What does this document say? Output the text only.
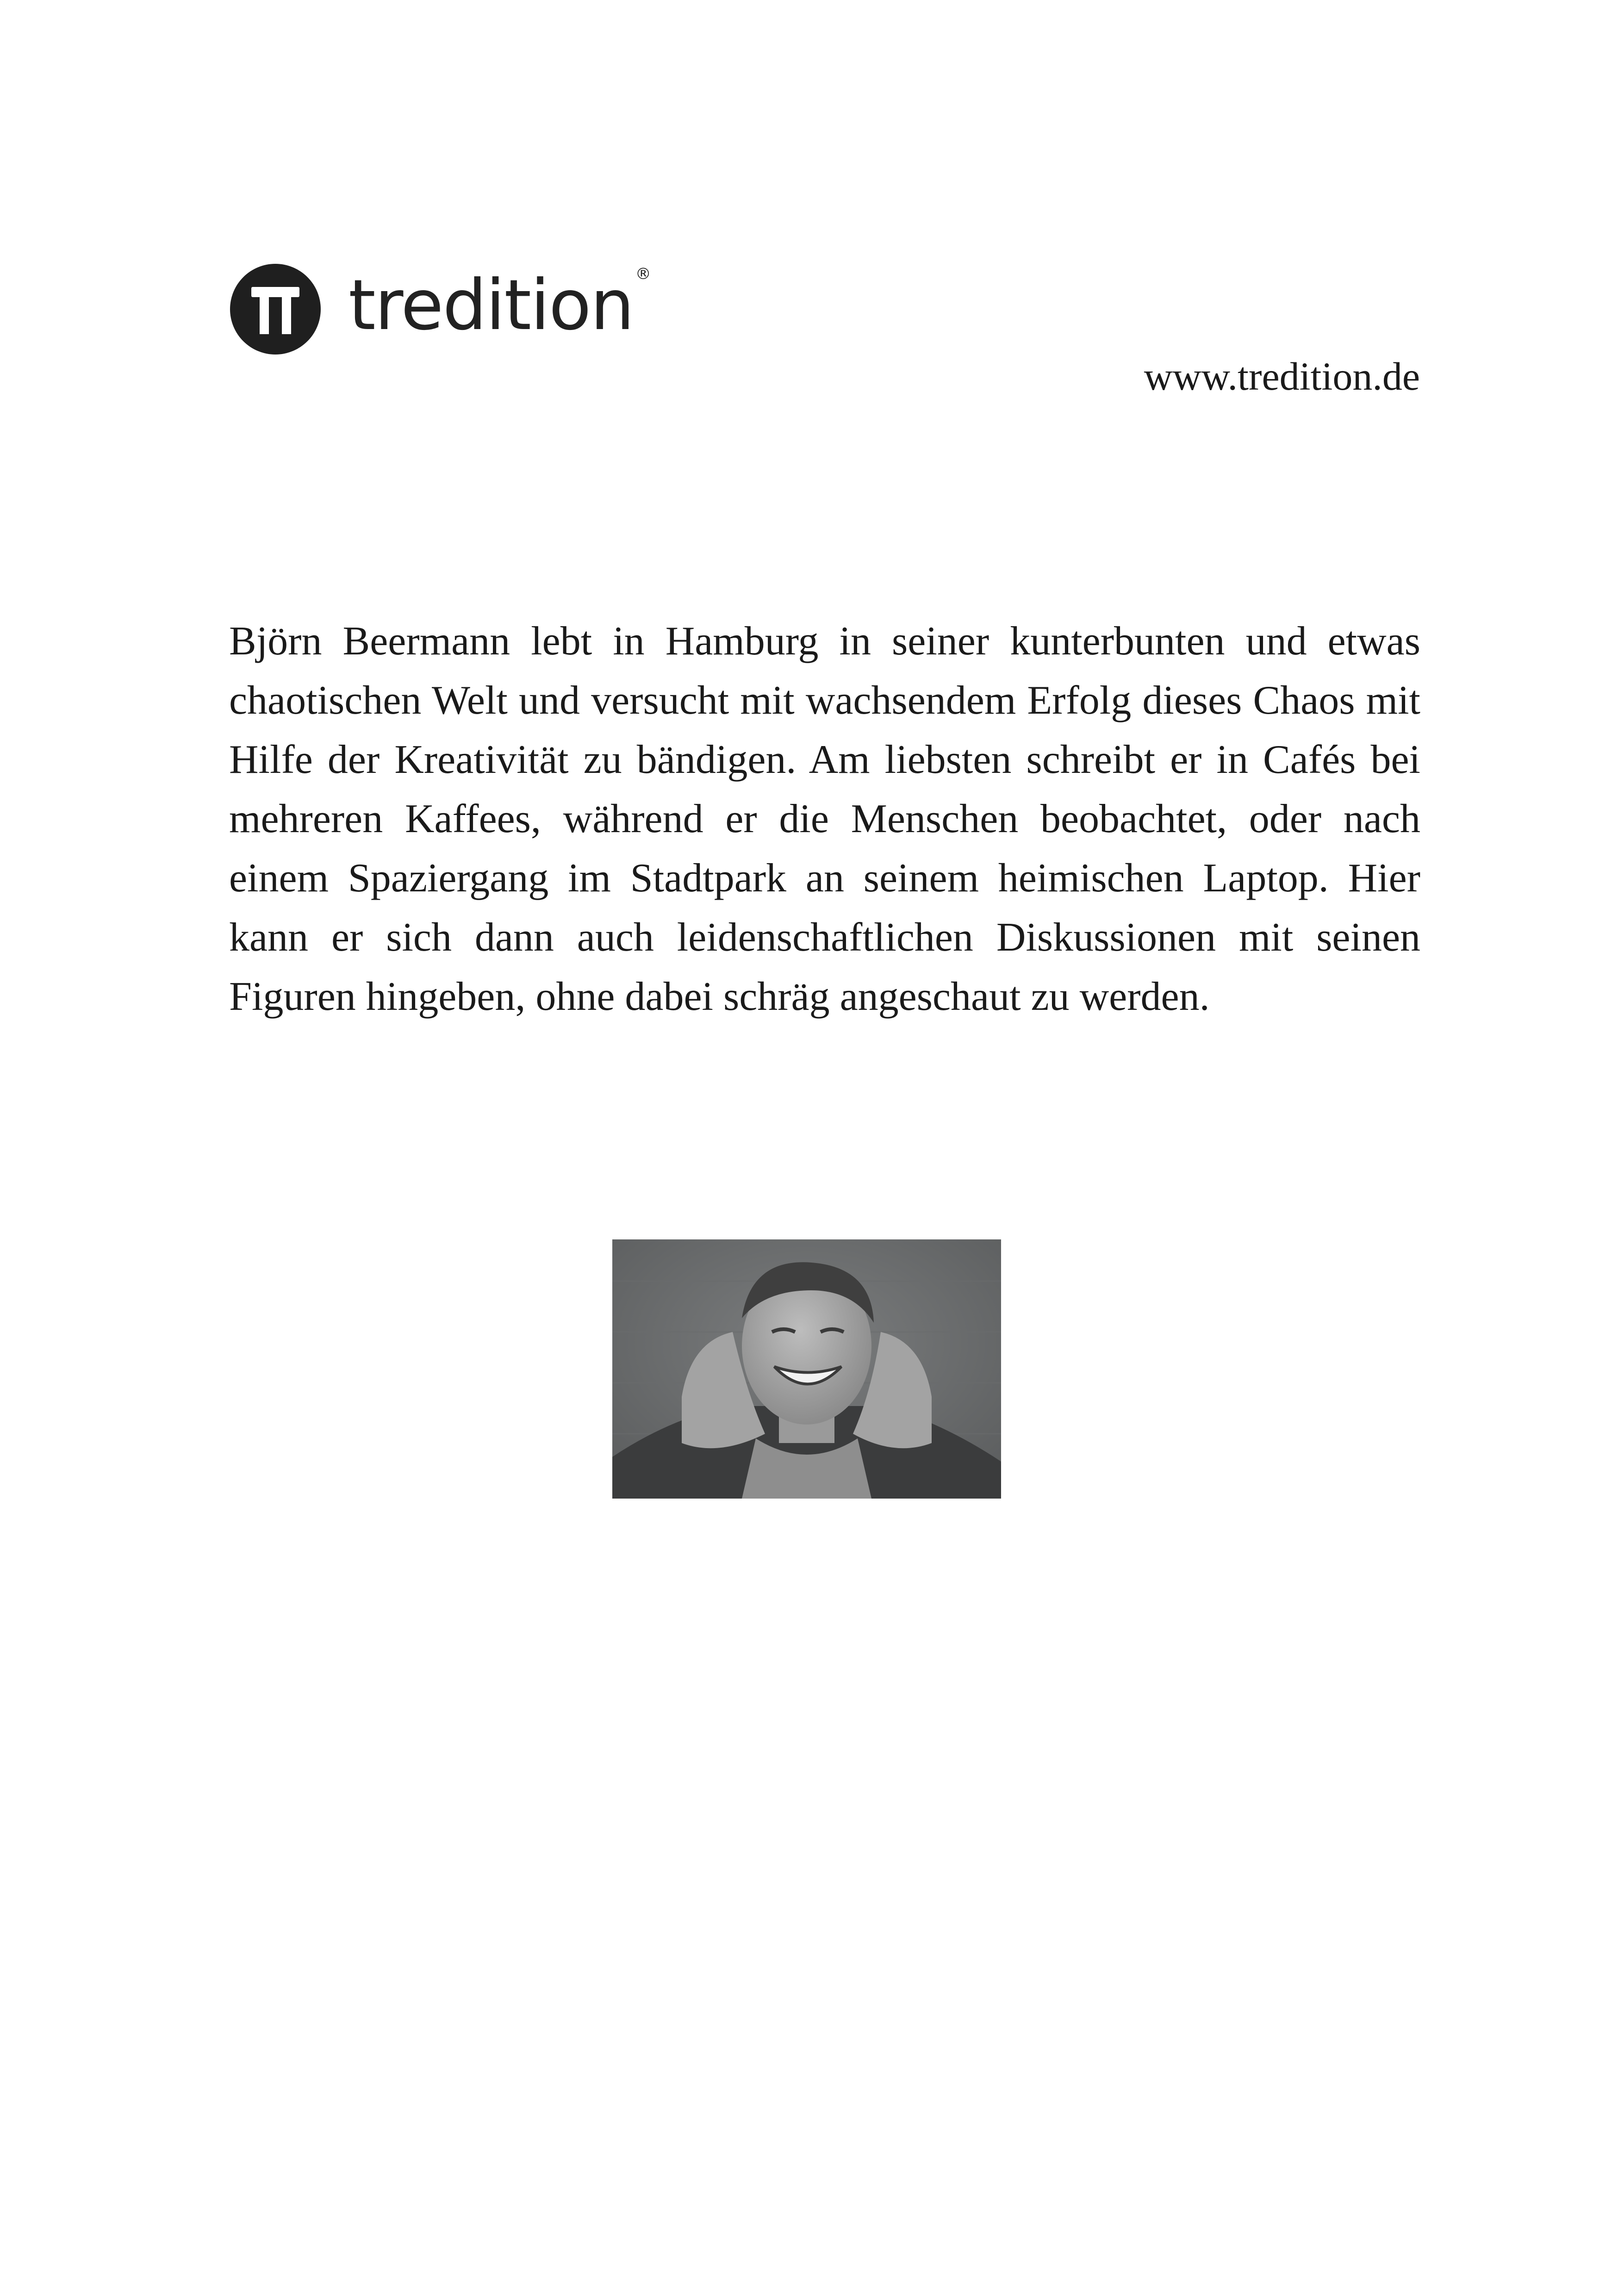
tredition ®
www.tredition.de

Björn Beermann lebt in Hamburg in seiner kunterbunten und etwas chaotischen Welt und versucht mit wachsendem Erfolg dieses Chaos mit Hilfe der Kreativität zu bändigen. Am liebsten schreibt er in Cafés bei mehreren Kaffees, während er die Menschen beobachtet, oder nach einem Spaziergang im Stadtpark an seinem heimischen Laptop. Hier kann er sich dann auch leidenschaftlichen Diskussionen mit seinen Figuren hingeben, ohne dabei schräg angeschaut zu werden.
